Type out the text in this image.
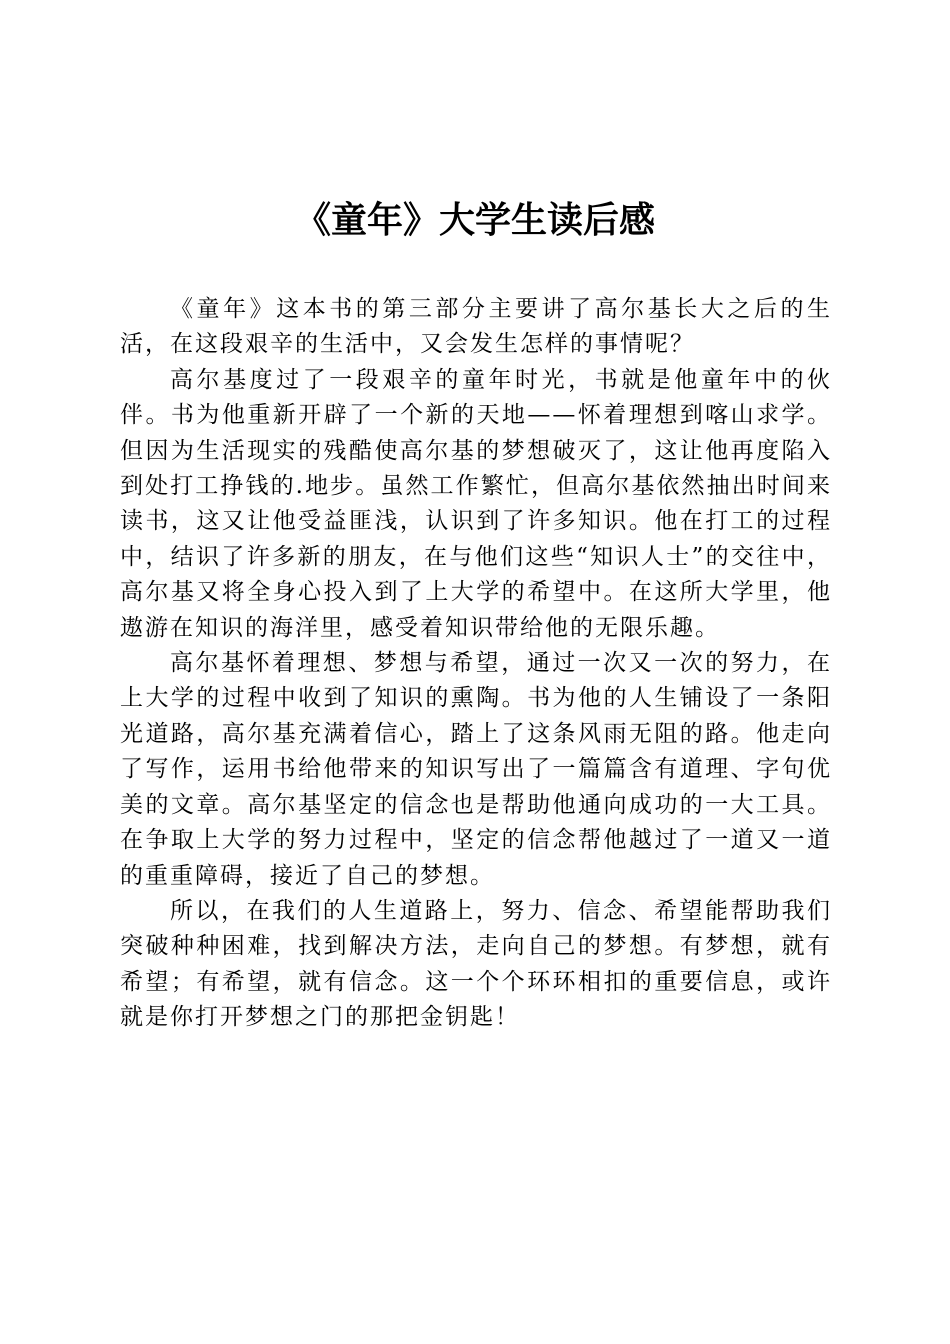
《童年》大学生读后感

《童年》这本书的第三部分主要讲了高尔基长大之后的生活，在这段艰辛的生活中，又会发生怎样的事情呢？

高尔基度过了一段艰辛的童年时光，书就是他童年中的伙伴。书为他重新开辟了一个新的天地——怀着理想到喀山求学。但因为生活现实的残酷使高尔基的梦想破灭了，这让他再度陷入到处打工挣钱的.地步。虽然工作繁忙，但高尔基依然抽出时间来读书，这又让他受益匪浅，认识到了许多知识。他在打工的过程中，结识了许多新的朋友，在与他们这些“知识人士”的交往中，高尔基又将全身心投入到了上大学的希望中。在这所大学里，他遨游在知识的海洋里，感受着知识带给他的无限乐趣。

高尔基怀着理想、梦想与希望，通过一次又一次的努力，在上大学的过程中收到了知识的熏陶。书为他的人生铺设了一条阳光道路，高尔基充满着信心，踏上了这条风雨无阻的路。他走向了写作，运用书给他带来的知识写出了一篇篇含有道理、字句优美的文章。高尔基坚定的信念也是帮助他通向成功的一大工具。在争取上大学的努力过程中，坚定的信念帮他越过了一道又一道的重重障碍，接近了自己的梦想。

所以，在我们的人生道路上，努力、信念、希望能帮助我们突破种种困难，找到解决方法，走向自己的梦想。有梦想，就有希望；有希望，就有信念。这一个个环环相扣的重要信息，或许就是你打开梦想之门的那把金钥匙！
